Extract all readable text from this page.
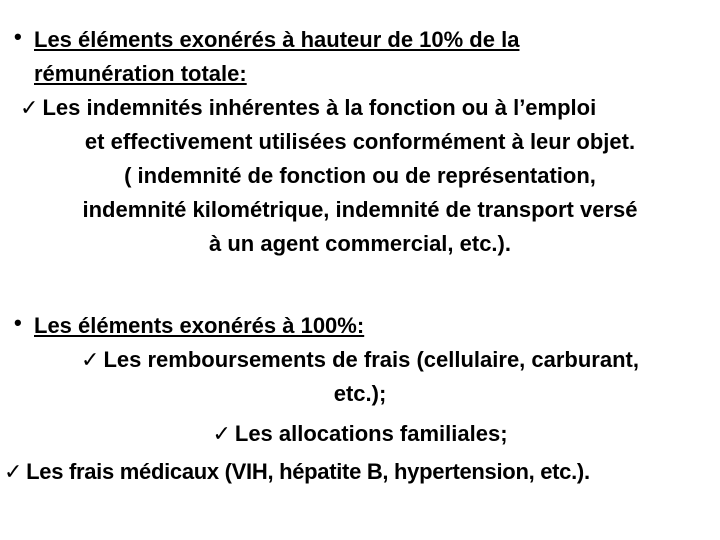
• Les éléments exonérés à hauteur de 10% de la
rémunération totale:
✓ Les indemnités inhérentes à la fonction ou à l’emploi
et effectivement utilisées conformément à leur objet.
( indemnité de fonction ou de représentation,
indemnité kilométrique, indemnité de transport versé
à un agent commercial, etc.).
• Les éléments exonérés à 100%:
✓ Les remboursements de frais (cellulaire, carburant,
etc.);
✓ Les allocations familiales;
✓ Les frais médicaux (VIH, hépatite B, hypertension, etc.).
